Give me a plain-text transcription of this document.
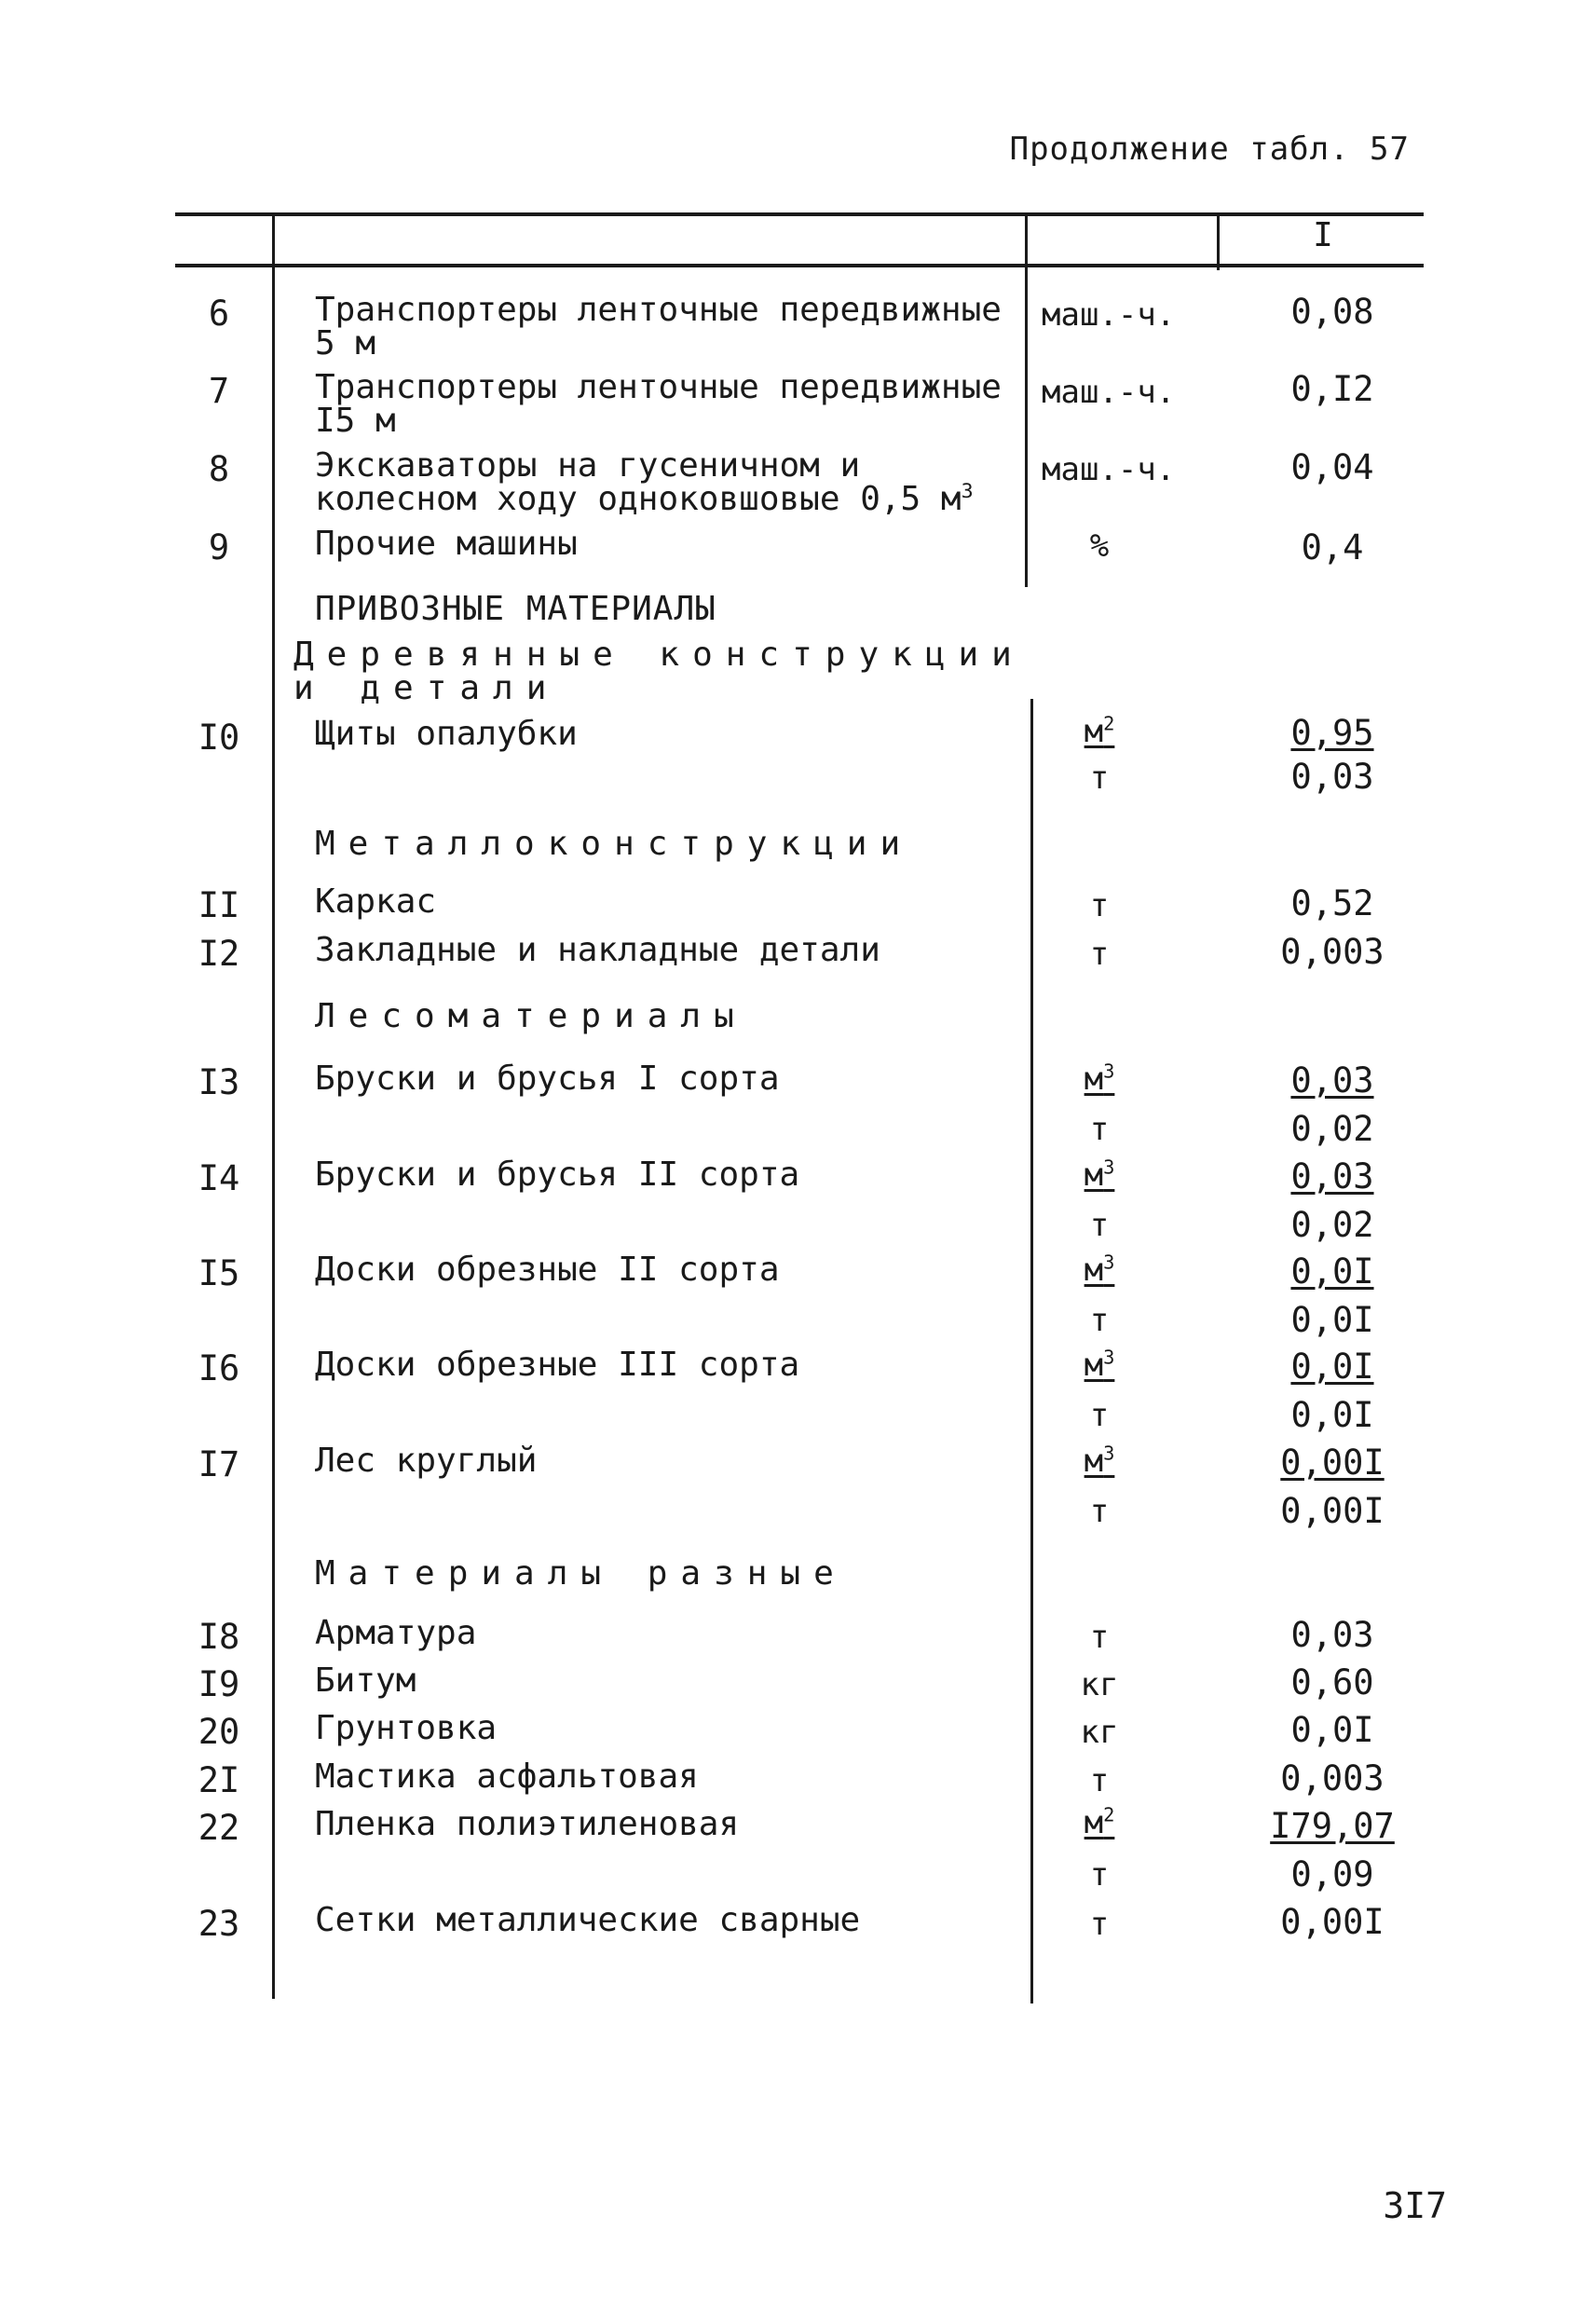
Продолжение табл. 57
I
6	Транспортеры ленточные передвижные
5 м
маш.-ч.	0,08
7	Транспортеры ленточные передвижные
I5 м
маш.-ч.	0,I2
8	Экскаваторы на гусеничном и
колесном ходу одноковшовые 0,5 $м^3$
маш.-ч.	0,04
9	Прочие машины	%	0,4
ПРИВОЗНЫЕ МАТЕРИАЛЫ
Деревянные конструкции
и детали
I0	Щиты опалубки	$м^2$	0,95
т	0,03
Металлоконструкции
II	Каркас	т	0,52
I2	Закладные и накладные детали	т	0,003
Лесоматериалы
I3	Бруски и брусья I сорта	$м^3$	0,03
т	0,02
I4	Бруски и брусья II сорта	$м^3$	0,03
т	0,02
I5	Доски обрезные II сорта	$м^3$	0,0I
т	0,0I
I6	Доски обрезные III сорта	$м^3$	0,0I
т	0,0I
I7	Лес круглый	$м^3$	0,00I
т	0,00I
Материалы разные
I8	Арматура	т	0,03
I9	Битум	кг	0,60
20	Грунтовка	кг	0,0I
2I	Мастика асфальтовая	т	0,003
22	Пленка полиэтиленовая	$м^2$	I79,07
т	0,09
23	Сетки металлические сварные	т	0,00I
3I7
